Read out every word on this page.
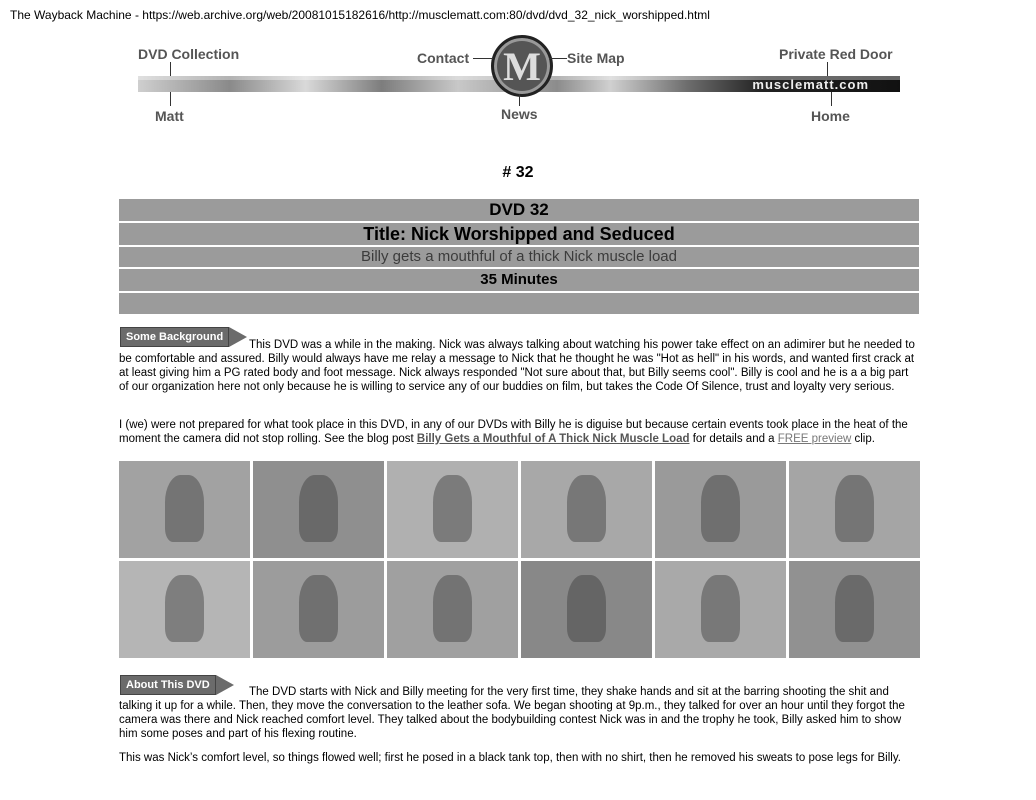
The Wayback Machine - https://web.archive.org/web/20081015182616/http://musclematt.com:80/dvd/dvd_32_nick_worshipped.html
musclematt.com
M
DVD Collection	Contact	Site Map	Private Red Door
Matt	News	Home
# 32
DVD 32
Title: Nick Worshipped and Seduced
Billy gets a mouthful of a thick Nick muscle load
35 Minutes
Some Background
This DVD was a while in the making. Nick was always talking about watching his power take effect on an adimirer but he needed to be comfortable and assured. Billy would always have me relay a message to Nick that he thought he was "Hot as hell" in his words, and wanted first crack at at least giving him a PG rated body and foot message. Nick always responded "Not sure about that, but Billy seems cool". Billy is cool and he is a a big part of our organization here not only because he is willing to service any of our buddies on film, but takes the Code Of Silence, trust and loyalty very serious.
I (we) were not prepared for what took place in this DVD, in any of our DVDs with Billy he is diguise but because certain events took place in the heat of the moment the camera did not stop rolling. See the blog post Billy Gets a Mouthful of A Thick Nick Muscle Load for details and a FREE preview clip.
About This DVD
The DVD starts with Nick and Billy meeting for the very first time, they shake hands and sit at the barring shooting the shit and talking it up for a while. Then, they move the conversation to the leather sofa. We began shooting at 9p.m., they talked for over an hour until they forgot the camera was there and Nick reached comfort level. They talked about the bodybuilding contest Nick was in and the trophy he took, Billy asked him to show him some poses and part of his flexing routine.
This was Nick’s comfort level, so things flowed well; first he posed in a black tank top, then with no shirt, then he removed his sweats to pose legs for Billy.
